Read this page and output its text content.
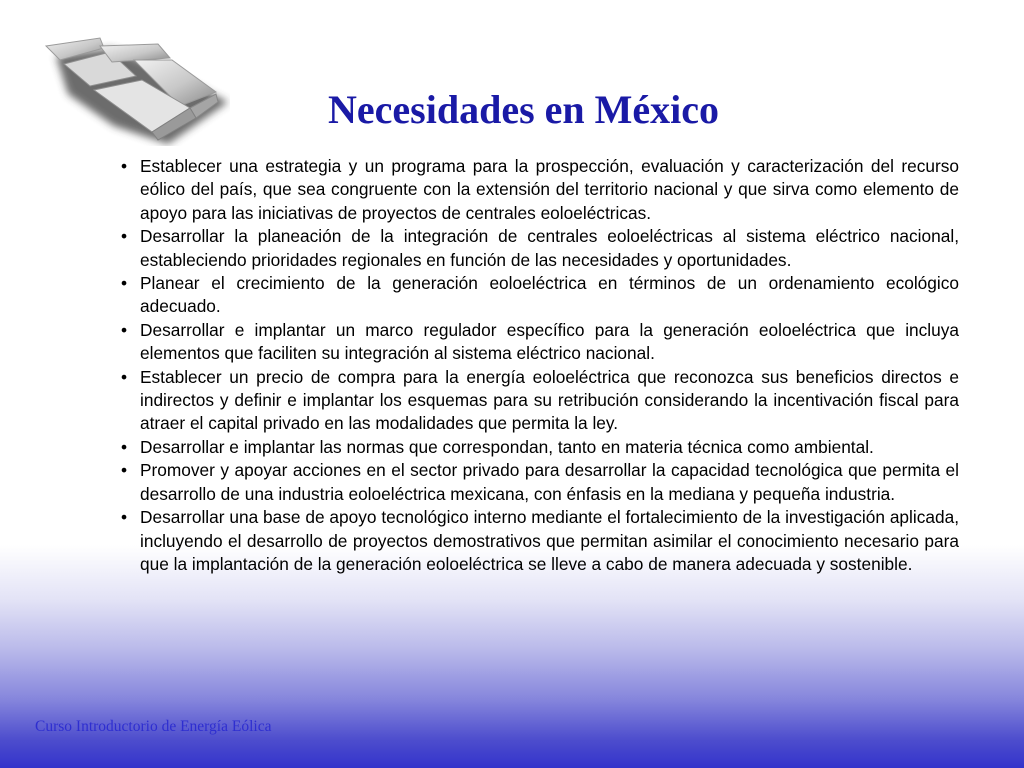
Necesidades en México
• Establecer una estrategia y un programa para la prospección, evaluación y caracterización del recurso eólico del país, que sea congruente con la extensión del territorio nacional y que sirva como elemento de apoyo para las iniciativas de proyectos de centrales eoloeléctricas.
• Desarrollar la planeación de la integración de centrales eoloeléctricas al sistema eléctrico nacional, estableciendo prioridades regionales en función de las necesidades y oportunidades.
• Planear el crecimiento de la generación eoloeléctrica en términos de un ordenamiento ecológico adecuado.
• Desarrollar e implantar un marco regulador específico para la generación eoloeléctrica que incluya elementos que faciliten su integración al sistema eléctrico nacional.
• Establecer un precio de compra para la energía eoloeléctrica que reconozca sus beneficios directos e indirectos y definir e implantar los esquemas para su retribución considerando la incentivación fiscal para atraer el capital privado en las modalidades que permita la ley.
• Desarrollar e implantar las normas que correspondan, tanto en materia técnica como ambiental.
• Promover y apoyar acciones en el sector privado para desarrollar la capacidad tecnológica que permita el desarrollo de una industria eoloeléctrica mexicana, con énfasis en la mediana y pequeña industria.
• Desarrollar una base de apoyo tecnológico interno mediante el fortalecimiento de la investigación aplicada, incluyendo el desarrollo de proyectos demostrativos que permitan asimilar el conocimiento necesario para que la implantación de la generación eoloeléctrica se lleve a cabo de manera adecuada y sostenible.
Curso Introductorio de Energía Eólica
